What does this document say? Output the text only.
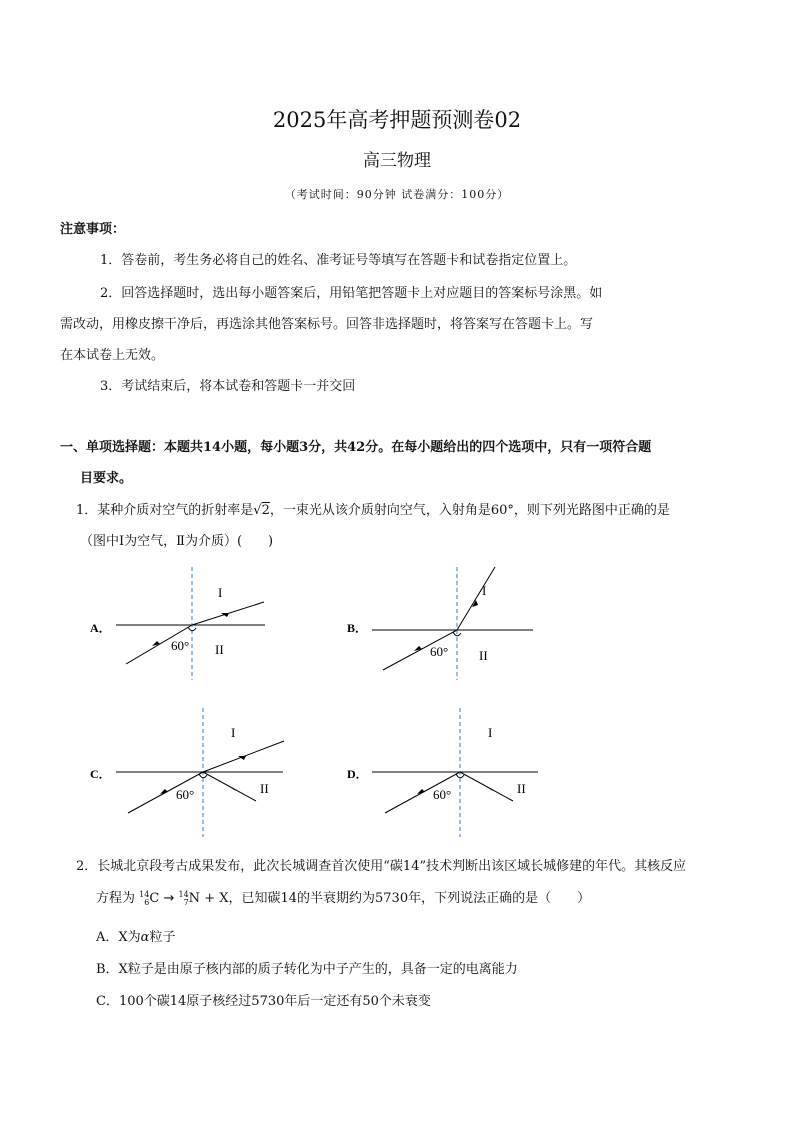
2025年高考押题预测卷02
高三物理
（考试时间：90分钟 试卷满分：100分）
注意事项：
1．答卷前，考生务必将自己的姓名、准考证号等填写在答题卡和试卷指定位置上。
2．回答选择题时，选出每小题答案后，用铅笔把答题卡上对应题目的答案标号涂黑。如
需改动，用橡皮擦干净后，再选涂其他答案标号。回答非选择题时，将答案写在答题卡上。写
在本试卷上无效。
3．考试结束后，将本试卷和答题卡一并交回
一、单项选择题：本题共14小题，每小题3分，共42分。在每小题给出的四个选项中，只有一项符合题
目要求。
1．某种介质对空气的折射率是√2，一束光从该介质射向空气，入射角是60°，则下列光路图中正确的是
（图中Ⅰ为空气，Ⅱ为介质）(　　)
A．
I
II
60°
B．
I
II
60°
C．
I
II
60°
D．
I
II
60°
2．长城北京段考古成果发布，此次长城调查首次使用“碳14”技术判断出该区域长城修建的年代。其核反应
方程为 14
6C → 14
7N + X，已知碳14的半衰期约为5730年，下列说法正确的是（　　）
A．X为α粒子
B．X粒子是由原子核内部的质子转化为中子产生的，具备一定的电离能力
C．100个碳14原子核经过5730年后一定还有50个未衰变
